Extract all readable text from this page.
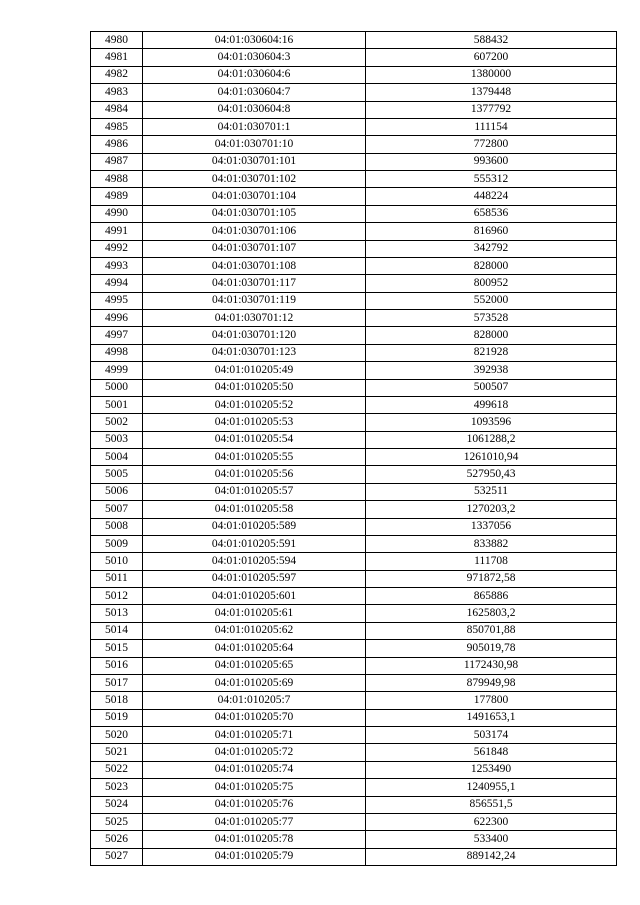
4980	04:01:030604:16	588432
4981	04:01:030604:3	607200
4982	04:01:030604:6	1380000
4983	04:01:030604:7	1379448
4984	04:01:030604:8	1377792
4985	04:01:030701:1	111154
4986	04:01:030701:10	772800
4987	04:01:030701:101	993600
4988	04:01:030701:102	555312
4989	04:01:030701:104	448224
4990	04:01:030701:105	658536
4991	04:01:030701:106	816960
4992	04:01:030701:107	342792
4993	04:01:030701:108	828000
4994	04:01:030701:117	800952
4995	04:01:030701:119	552000
4996	04:01:030701:12	573528
4997	04:01:030701:120	828000
4998	04:01:030701:123	821928
4999	04:01:010205:49	392938
5000	04:01:010205:50	500507
5001	04:01:010205:52	499618
5002	04:01:010205:53	1093596
5003	04:01:010205:54	1061288,2
5004	04:01:010205:55	1261010,94
5005	04:01:010205:56	527950,43
5006	04:01:010205:57	532511
5007	04:01:010205:58	1270203,2
5008	04:01:010205:589	1337056
5009	04:01:010205:591	833882
5010	04:01:010205:594	111708
5011	04:01:010205:597	971872,58
5012	04:01:010205:601	865886
5013	04:01:010205:61	1625803,2
5014	04:01:010205:62	850701,88
5015	04:01:010205:64	905019,78
5016	04:01:010205:65	1172430,98
5017	04:01:010205:69	879949,98
5018	04:01:010205:7	177800
5019	04:01:010205:70	1491653,1
5020	04:01:010205:71	503174
5021	04:01:010205:72	561848
5022	04:01:010205:74	1253490
5023	04:01:010205:75	1240955,1
5024	04:01:010205:76	856551,5
5025	04:01:010205:77	622300
5026	04:01:010205:78	533400
5027	04:01:010205:79	889142,24
